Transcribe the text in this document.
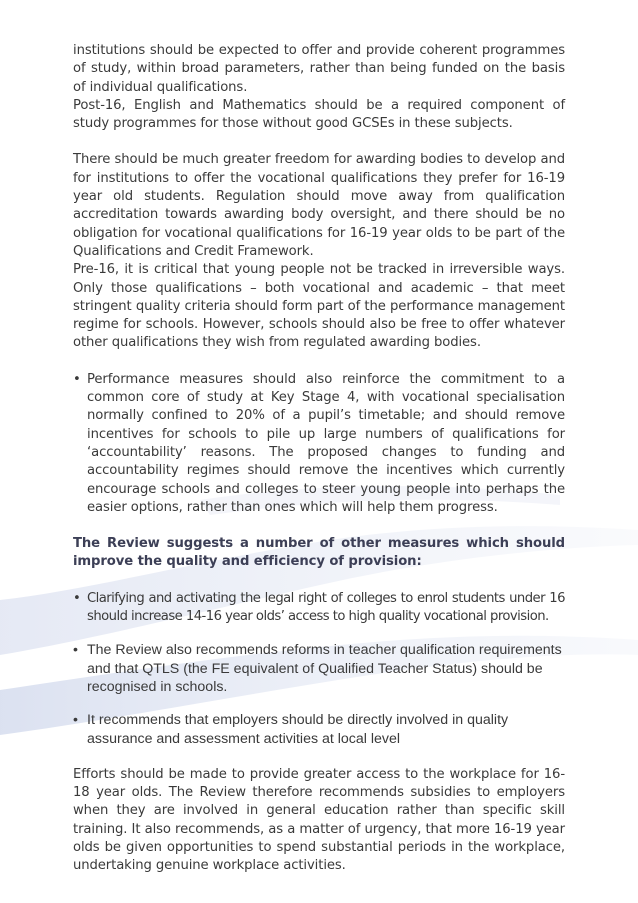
institutions should be expected to offer and provide coherent programmes of study, within broad parameters, rather than being funded on the basis of individual qualifications.

Post-16, English and Mathematics should be a required component of study programmes for those without good GCSEs in these subjects.

There should be much greater freedom for awarding bodies to develop and for institutions to offer the vocational qualifications they prefer for 16-19 year old students. Regulation should move away from qualification accreditation towards awarding body oversight, and there should be no obligation for vocational qualifications for 16-19 year olds to be part of the Qualifications and Credit Framework.

Pre-16, it is critical that young people not be tracked in irreversible ways. Only those qualifications – both vocational and academic – that meet stringent quality criteria should form part of the performance management regime for schools. However, schools should also be free to offer whatever other qualifications they wish from regulated awarding bodies.

• Performance measures should also reinforce the commitment to a common core of study at Key Stage 4, with vocational specialisation normally confined to 20% of a pupil’s timetable; and should remove incentives for schools to pile up large numbers of qualifications for ‘accountability’ reasons. The proposed changes to funding and accountability regimes should remove the incentives which currently encourage schools and colleges to steer young people into perhaps the easier options, rather than ones which will help them progress.

The Review suggests a number of other measures which should improve the quality and efficiency of provision:

• Clarifying and activating the legal right of colleges to enrol students under 16 should increase 14-16 year olds’ access to high quality vocational provision.
• The Review also recommends reforms in teacher qualification requirements and that QTLS (the FE equivalent of Qualified Teacher Status) should be recognised in schools.
• It recommends that employers should be directly involved in quality assurance and assessment activities at local level

Efforts should be made to provide greater access to the workplace for 16-18 year olds. The Review therefore recommends subsidies to employers when they are involved in general education rather than specific skill training. It also recommends, as a matter of urgency, that more 16-19 year olds be given opportunities to spend substantial periods in the workplace, undertaking genuine workplace activities.
